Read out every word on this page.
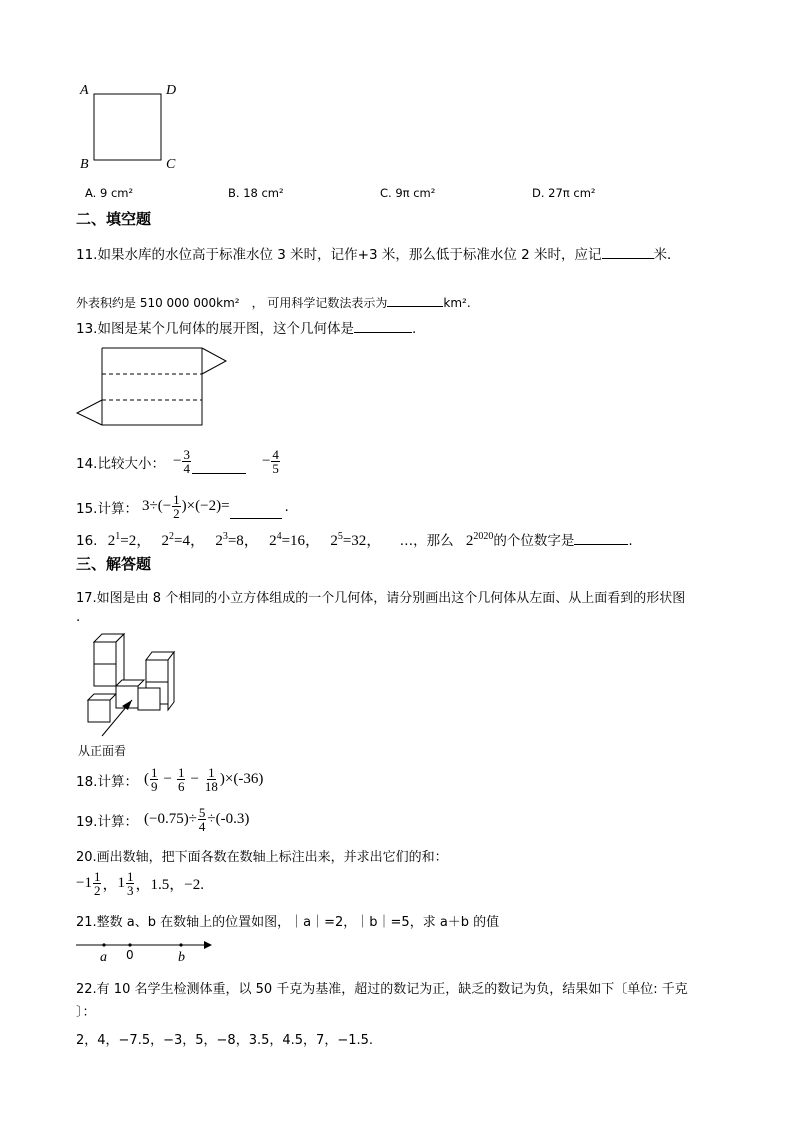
A	D
B	C
A. 9 cm²	B. 18 cm²	C. 9π cm²	D. 27π cm²
二、填空题
11.如果水库的水位高于标准水位 3 米时，记作+3 米，那么低于标准水位 2 米时，应记	米．
外表积约是 510 000 000km²　， 可用科学记数法表示为	km².
13.如图是某个几何体的展开图，这个几何体是	.
14.比较大小： − $\frac{3}{4}$	− $\frac{4}{5}$
15.计算： $3\div(- \frac{1}{2} )\times(-2)=$	.
16. $2^1=2$， $2^2=4$， $2^3=8$， $2^4=16$， $2^5=32$， …，那么 $2^{2020}$的个位数字是	.
三、解答题
17.如图是由 8 个相同的小立方体组成的一个几何体，请分别画出这个几何体从左面、从上面看到的形状图
.
从正面看
18.计算： ( $\frac{1}{9} - \frac{1}{6} - \frac{1}{18} )\times(-36)$
19.计算： $(-0.75)\div \frac{5}{4} \div(-0.3)$
20.画出数轴，把下面各数在数轴上标注出来，并求出它们的和：
$-1 \frac{1}{2}$ ， $1 \frac{1}{3}$ ， 1.5，−2.
21.整数 a、b 在数轴上的位置如图，｜a｜=2，｜b｜=5，求 a＋b 的值
a 0	b
22.有 10 名学生检测体重，以 50 千克为基准，超过的数记为正，缺乏的数记为负，结果如下〔单位: 千克
〕：
2，4，−7.5，−3，5，−8，3.5，4.5，7，−1.5.
